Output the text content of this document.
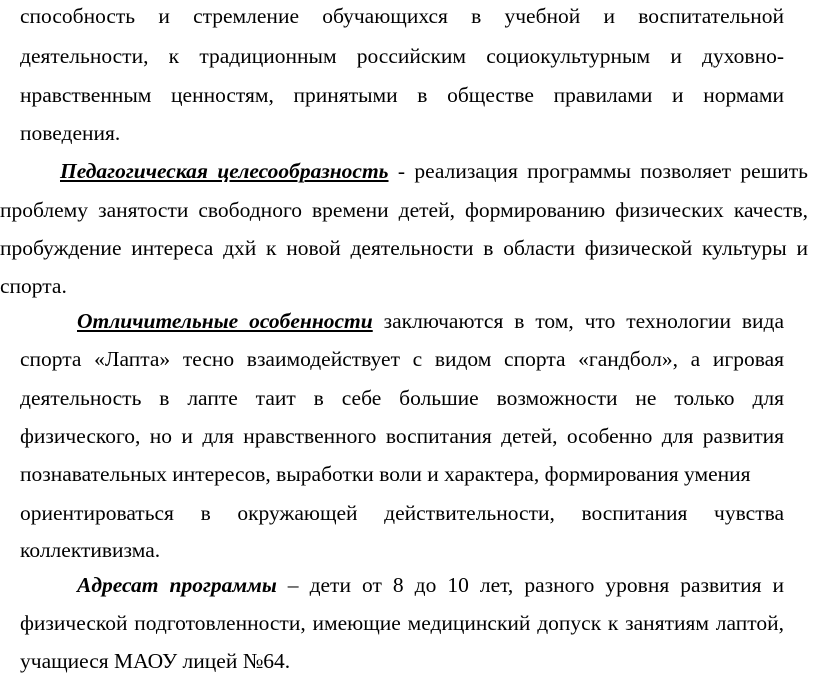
способность и стремление обучающихся в учебной и воспитательной
деятельности, к традиционным российским социокультурным и духовно-
нравственным ценностям, принятыми в обществе правилами и нормами
поведения.
Педагогическая целесообразность - реализация программы позволяет решить
проблему занятости свободного времени детей, формированию физических качеств,
пробуждение интереса дхй к новой деятельности в области физической культуры и
спорта.
Отличительные особенности заключаются в том, что технологии вида
спорта «Лапта» тесно взаимодействует с видом спорта «гандбол», а игровая
деятельность в лапте таит в себе большие возможности не только для
физического, но и для нравственного воспитания детей, особенно для развития
познавательных интересов, выработки воли и характера, формирования умения
ориентироваться в окружающей действительности, воспитания чувства
коллективизма.
Адресат программы – дети от 8 до 10 лет, разного уровня развития и
физической подготовленности, имеющие медицинский допуск к занятиям лаптой,
учащиеся МАОУ лицей №64.
